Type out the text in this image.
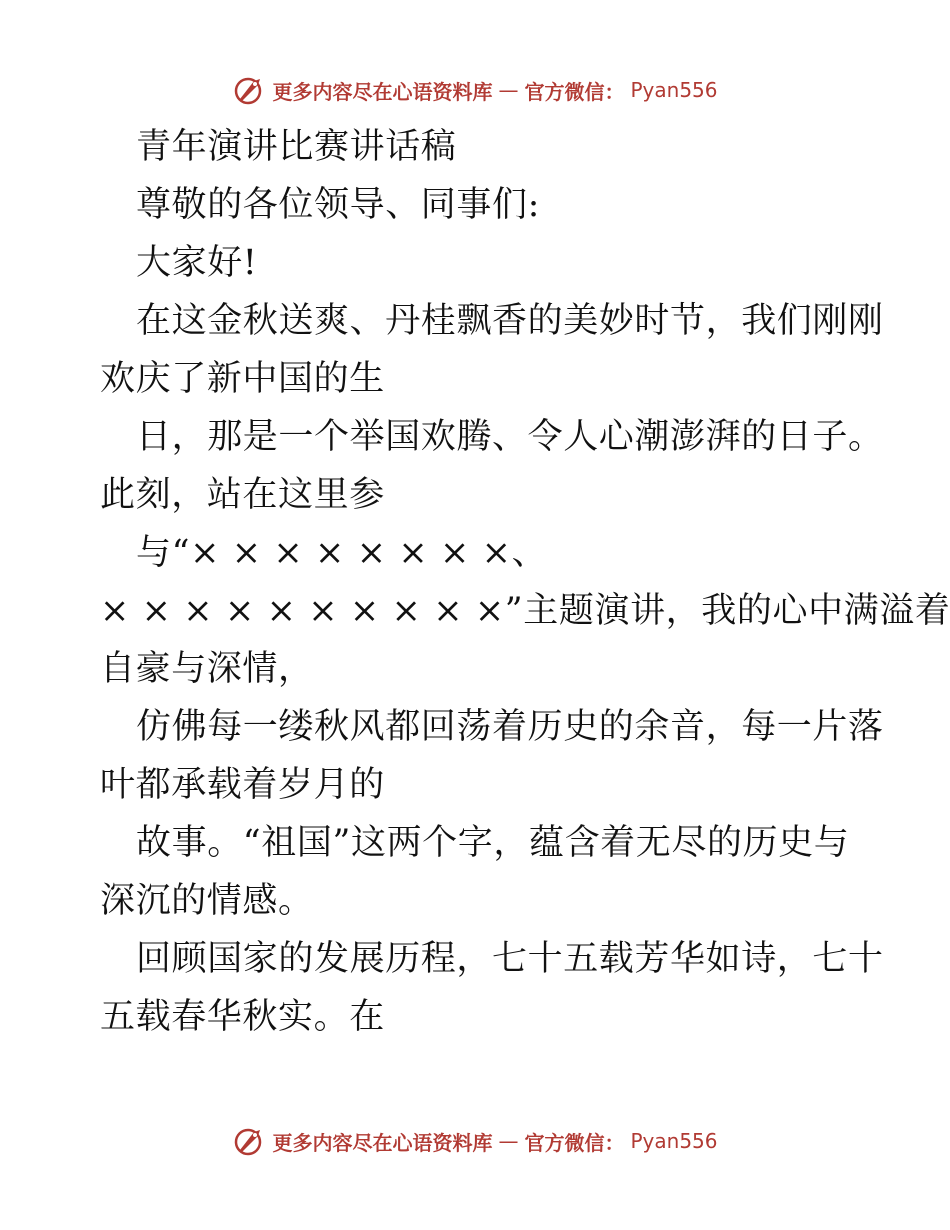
更多内容尽在心语资料库 — 官方微信： Pyan556
青年演讲比赛讲话稿
尊敬的各位领导、同事们:
大家好!
在这金秋送爽、丹桂飘香的美妙时节，我们刚刚
欢庆了新中国的生
日，那是一个举国欢腾、令人心潮澎湃的日子。
此刻，站在这里参
与“× × × × × × × ×、
× × × × × × × × × ×”主题演讲，我的心中满溢着
自豪与深情，
仿佛每一缕秋风都回荡着历史的余音，每一片落
叶都承载着岁月的
故事。“祖国”这两个字，蕴含着无尽的历史与
深沉的情感。
回顾国家的发展历程，七十五载芳华如诗，七十
五载春华秋实。在
更多内容尽在心语资料库 — 官方微信： Pyan556
